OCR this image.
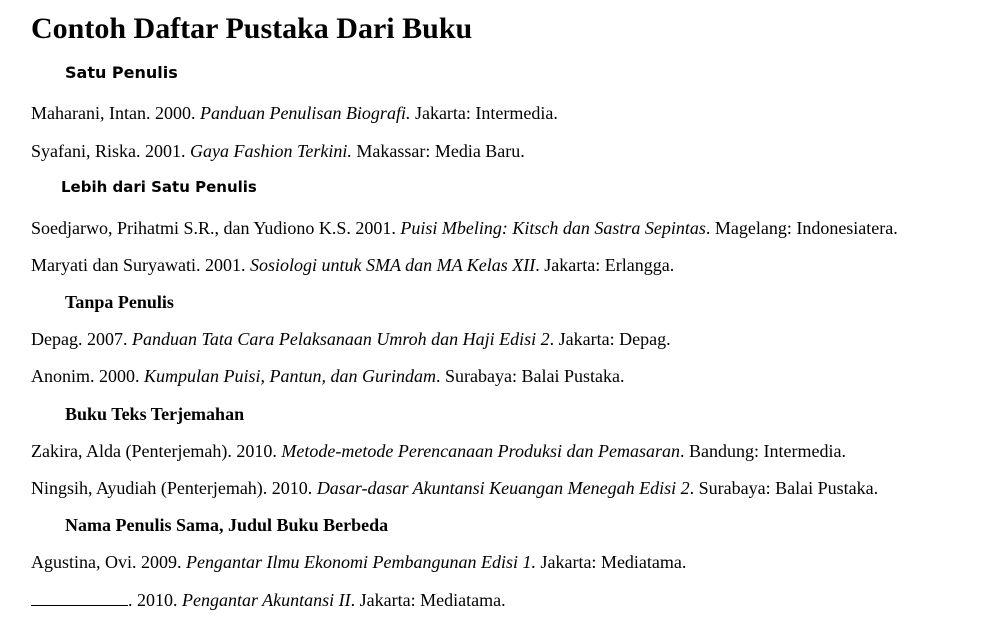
Contoh Daftar Pustaka Dari Buku
Satu Penulis

Maharani, Intan. 2000. Panduan Penulisan Biografi. Jakarta: Intermedia.

Syafani, Riska. 2001. Gaya Fashion Terkini. Makassar: Media Baru.

Lebih dari Satu Penulis

Soedjarwo, Prihatmi S.R., dan Yudiono K.S. 2001. Puisi Mbeling: Kitsch dan Sastra Sepintas. Magelang: Indonesiatera.

Maryati dan Suryawati. 2001. Sosiologi untuk SMA dan MA Kelas XII. Jakarta: Erlangga.

Tanpa Penulis

Depag. 2007. Panduan Tata Cara Pelaksanaan Umroh dan Haji Edisi 2. Jakarta: Depag.

Anonim. 2000. Kumpulan Puisi, Pantun, dan Gurindam. Surabaya: Balai Pustaka.

Buku Teks Terjemahan

Zakira, Alda (Penterjemah). 2010. Metode-metode Perencanaan Produksi dan Pemasaran. Bandung: Intermedia.

Ningsih, Ayudiah (Penterjemah). 2010. Dasar-dasar Akuntansi Keuangan Menegah Edisi 2. Surabaya: Balai Pustaka.

Nama Penulis Sama, Judul Buku Berbeda

Agustina, Ovi. 2009. Pengantar Ilmu Ekonomi Pembangunan Edisi 1. Jakarta: Mediatama.

. 2010. Pengantar Akuntansi II. Jakarta: Mediatama.
